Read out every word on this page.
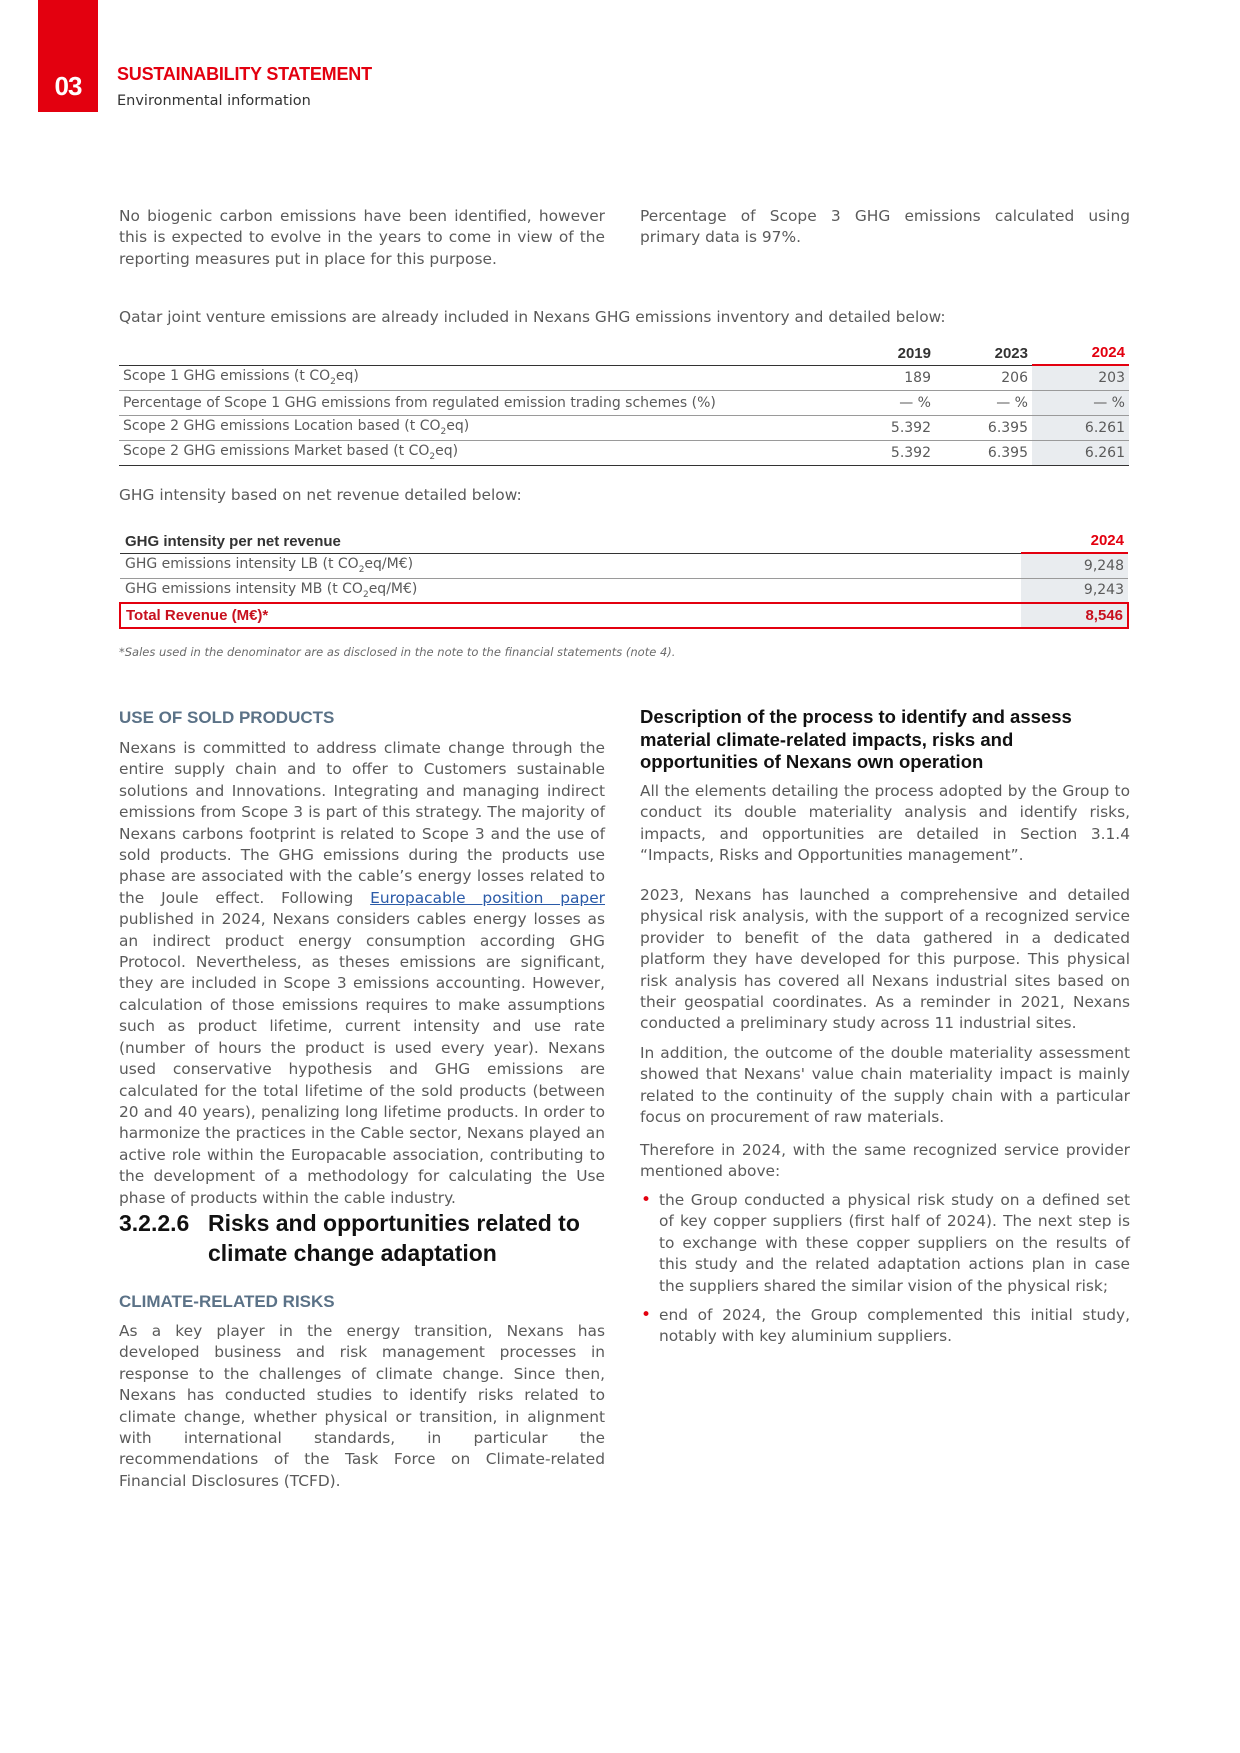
03	SUSTAINABILITY STATEMENT
Environmental information

No biogenic carbon emissions have been identified, however this is expected to evolve in the years to come in view of the reporting measures put in place for this purpose.

Percentage of Scope 3 GHG emissions calculated using primary data is 97%.

Qatar joint venture emissions are already included in Nexans GHG emissions inventory and detailed below:

	2019	2023	2024
Scope 1 GHG emissions (t $CO_2eq$)	189	206	203
Percentage of Scope 1 GHG emissions from regulated emission trading schemes (%)	— %	— %	— %
Scope 2 GHG emissions Location based (t $CO_2eq$)	5.392	6.395	6.261
Scope 2 GHG emissions Market based (t $CO_2eq$)	5.392	6.395	6.261

GHG intensity based on net revenue detailed below:

GHG intensity per net revenue	2024
GHG emissions intensity LB (t $CO_2eq/M€$)	9,248
GHG emissions intensity MB (t $CO_2eq/M€$)	9,243
Total Revenue (M€)*	8,546

*Sales used in the denominator are as disclosed in the note to the financial statements (note 4).

USE OF SOLD PRODUCTS

Nexans is committed to address climate change through the entire supply chain and to offer to Customers sustainable solutions and Innovations. Integrating and managing indirect emissions from Scope 3 is part of this strategy. The majority of Nexans carbons footprint is related to Scope 3 and the use of sold products. The GHG emissions during the products use phase are associated with the cable’s energy losses related to the Joule effect. Following Europacable position paper published in 2024, Nexans considers cables energy losses as an indirect product energy consumption according GHG Protocol. Nevertheless, as theses emissions are significant, they are included in Scope 3 emissions accounting. However, calculation of those emissions requires to make assumptions such as product lifetime, current intensity and use rate (number of hours the product is used every year). Nexans used conservative hypothesis and GHG emissions are calculated for the total lifetime of the sold products (between 20 and 40 years), penalizing long lifetime products. In order to harmonize the practices in the Cable sector, Nexans played an active role within the Europacable association, contributing to the development of a methodology for calculating the Use phase of products within the cable industry.

3.2.2.6 Risks and opportunities related to
climate change adaptation
CLIMATE-RELATED RISKS

As a key player in the energy transition, Nexans has developed business and risk management processes in response to the challenges of climate change. Since then, Nexans has conducted studies to identify risks related to climate change, whether physical or transition, in alignment with international standards, in particular the recommendations of the Task Force on Climate-related Financial Disclosures (TCFD).

Description of the process to identify and assess material climate-related impacts, risks and opportunities of Nexans own operation

All the elements detailing the process adopted by the Group to conduct its double materiality analysis and identify risks, impacts, and opportunities are detailed in Section 3.1.4 “Impacts, Risks and Opportunities management”.

2023, Nexans has launched a comprehensive and detailed physical risk analysis, with the support of a recognized service provider to benefit of the data gathered in a dedicated platform they have developed for this purpose. This physical risk analysis has covered all Nexans industrial sites based on their geospatial coordinates. As a reminder in 2021, Nexans conducted a preliminary study across 11 industrial sites.

In addition, the outcome of the double materiality assessment showed that Nexans' value chain materiality impact is mainly related to the continuity of the supply chain with a particular focus on procurement of raw materials.

Therefore in 2024, with the same recognized service provider mentioned above:

• the Group conducted a physical risk study on a defined set of key copper suppliers (first half of 2024). The next step is to exchange with these copper suppliers on the results of this study and the related adaptation actions plan in case the suppliers shared the similar vision of the physical risk;
• end of 2024, the Group complemented this initial study, notably with key aluminium suppliers.
